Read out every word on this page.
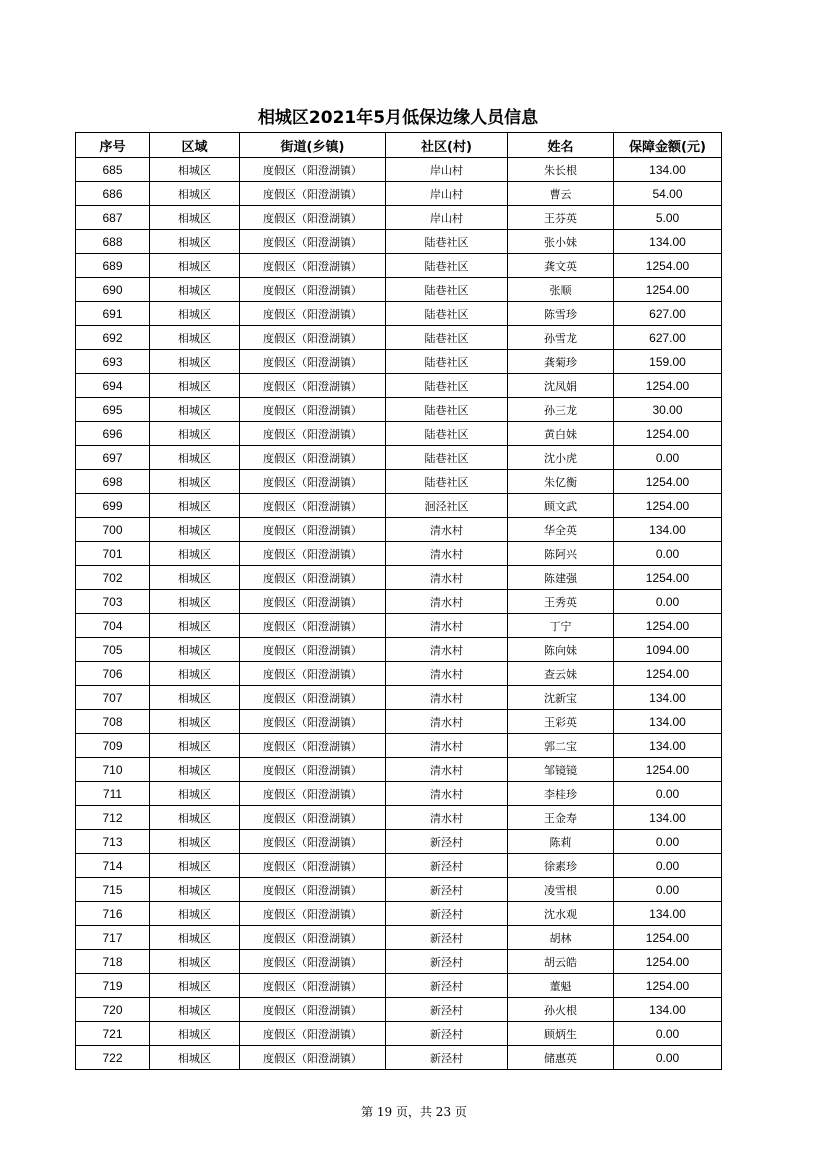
相城区2021年5月低保边缘人员信息
序号	区域	街道(乡镇)	社区(村)	姓名	保障金额(元)
685	相城区	度假区（阳澄湖镇）	岸山村	朱长根	134.00
686	相城区	度假区（阳澄湖镇）	岸山村	曹云	54.00
687	相城区	度假区（阳澄湖镇）	岸山村	王芬英	5.00
688	相城区	度假区（阳澄湖镇）	陆巷社区	张小妹	134.00
689	相城区	度假区（阳澄湖镇）	陆巷社区	龚文英	1254.00
690	相城区	度假区（阳澄湖镇）	陆巷社区	张顺	1254.00
691	相城区	度假区（阳澄湖镇）	陆巷社区	陈雪珍	627.00
692	相城区	度假区（阳澄湖镇）	陆巷社区	孙雪龙	627.00
693	相城区	度假区（阳澄湖镇）	陆巷社区	龚菊珍	159.00
694	相城区	度假区（阳澄湖镇）	陆巷社区	沈凤娟	1254.00
695	相城区	度假区（阳澄湖镇）	陆巷社区	孙三龙	30.00
696	相城区	度假区（阳澄湖镇）	陆巷社区	黄白妹	1254.00
697	相城区	度假区（阳澄湖镇）	陆巷社区	沈小虎	0.00
698	相城区	度假区（阳澄湖镇）	陆巷社区	朱亿衡	1254.00
699	相城区	度假区（阳澄湖镇）	洄泾社区	顾文武	1254.00
700	相城区	度假区（阳澄湖镇）	清水村	华全英	134.00
701	相城区	度假区（阳澄湖镇）	清水村	陈阿兴	0.00
702	相城区	度假区（阳澄湖镇）	清水村	陈建强	1254.00
703	相城区	度假区（阳澄湖镇）	清水村	王秀英	0.00
704	相城区	度假区（阳澄湖镇）	清水村	丁宁	1254.00
705	相城区	度假区（阳澄湖镇）	清水村	陈向妹	1094.00
706	相城区	度假区（阳澄湖镇）	清水村	查云妹	1254.00
707	相城区	度假区（阳澄湖镇）	清水村	沈新宝	134.00
708	相城区	度假区（阳澄湖镇）	清水村	王彩英	134.00
709	相城区	度假区（阳澄湖镇）	清水村	郭二宝	134.00
710	相城区	度假区（阳澄湖镇）	清水村	邹镜镜	1254.00
711	相城区	度假区（阳澄湖镇）	清水村	李桂珍	0.00
712	相城区	度假区（阳澄湖镇）	清水村	王金寿	134.00
713	相城区	度假区（阳澄湖镇）	新泾村	陈莉	0.00
714	相城区	度假区（阳澄湖镇）	新泾村	徐素珍	0.00
715	相城区	度假区（阳澄湖镇）	新泾村	凌雪根	0.00
716	相城区	度假区（阳澄湖镇）	新泾村	沈水观	134.00
717	相城区	度假区（阳澄湖镇）	新泾村	胡林	1254.00
718	相城区	度假区（阳澄湖镇）	新泾村	胡云皓	1254.00
719	相城区	度假区（阳澄湖镇）	新泾村	董魁	1254.00
720	相城区	度假区（阳澄湖镇）	新泾村	孙火根	134.00
721	相城区	度假区（阳澄湖镇）	新泾村	顾炳生	0.00
722	相城区	度假区（阳澄湖镇）	新泾村	储惠英	0.00
第 19 页，共 23 页
